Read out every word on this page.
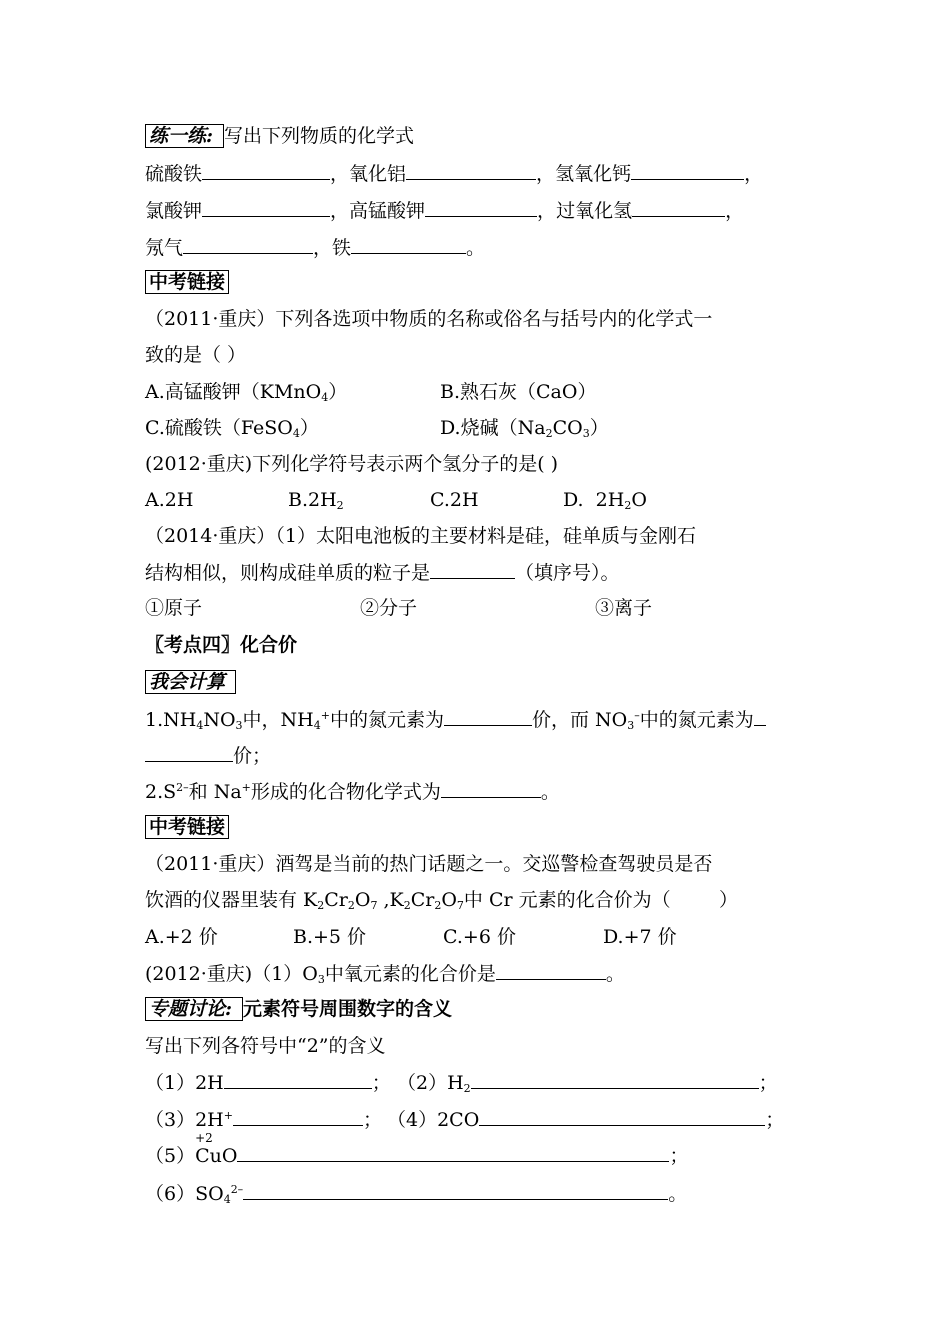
练一练: 写出下列物质的化学式
硫酸铁	，氧化铝	，氢氧化钙	，
氯酸钾	，高锰酸钾	，过氧化氢	，
氖气	，铁	。
中考链接
（2011·重庆）下列各选项中物质的名称或俗名与括号内的化学式一
致的是（ ）
A.高锰酸钾（KMnO$_4$）	B.熟石灰（CaO）
C.硫酸铁（FeSO$_4$）	D.烧碱$(Na_2CO_3)$
(2012·重庆)下列化学符号表示两个氢分子的是( )
A.2H	$B.2H_2$	C.2H	D.  $2H_2O$
（2014·重庆）（1）太阳电池板的主要材料是硅，硅单质与金刚石
结构相似，则构成硅单质的粒子是	（填序号）。
①原子	②分子	③离子
〖考点四〗化合价
我会计算
$1.NH_4NO_3$中，$NH_4^+$中的氮元素为	价，而 $NO_3^-$中的氮元素为
价；
$2.S^{2-}$和 Na+形成的化合物化学式为	。
中考链接
（2011·重庆）酒驾是当前的热门话题之一。交巡警检查驾驶员是否
饮酒的仪器里装有 $K_2Cr_2O_7$ $,K_2Cr_2O_7$中 Cr 元素的化合价为（        ）
A.+2 价	B.+5 价	C.+6 价	D.+7 价
(2012·重庆)$(1)O_3$中氧元素的化合价是	。
专题讨论: 元素符号周围数字的含义
写出下列各符号中“2”的含义
（1）2H	； $(2)H_2$	；
（3）2H+	； （4）2CO	；
（5）
+2
CuO	；
$(6)SO_4^{2-}$	。
